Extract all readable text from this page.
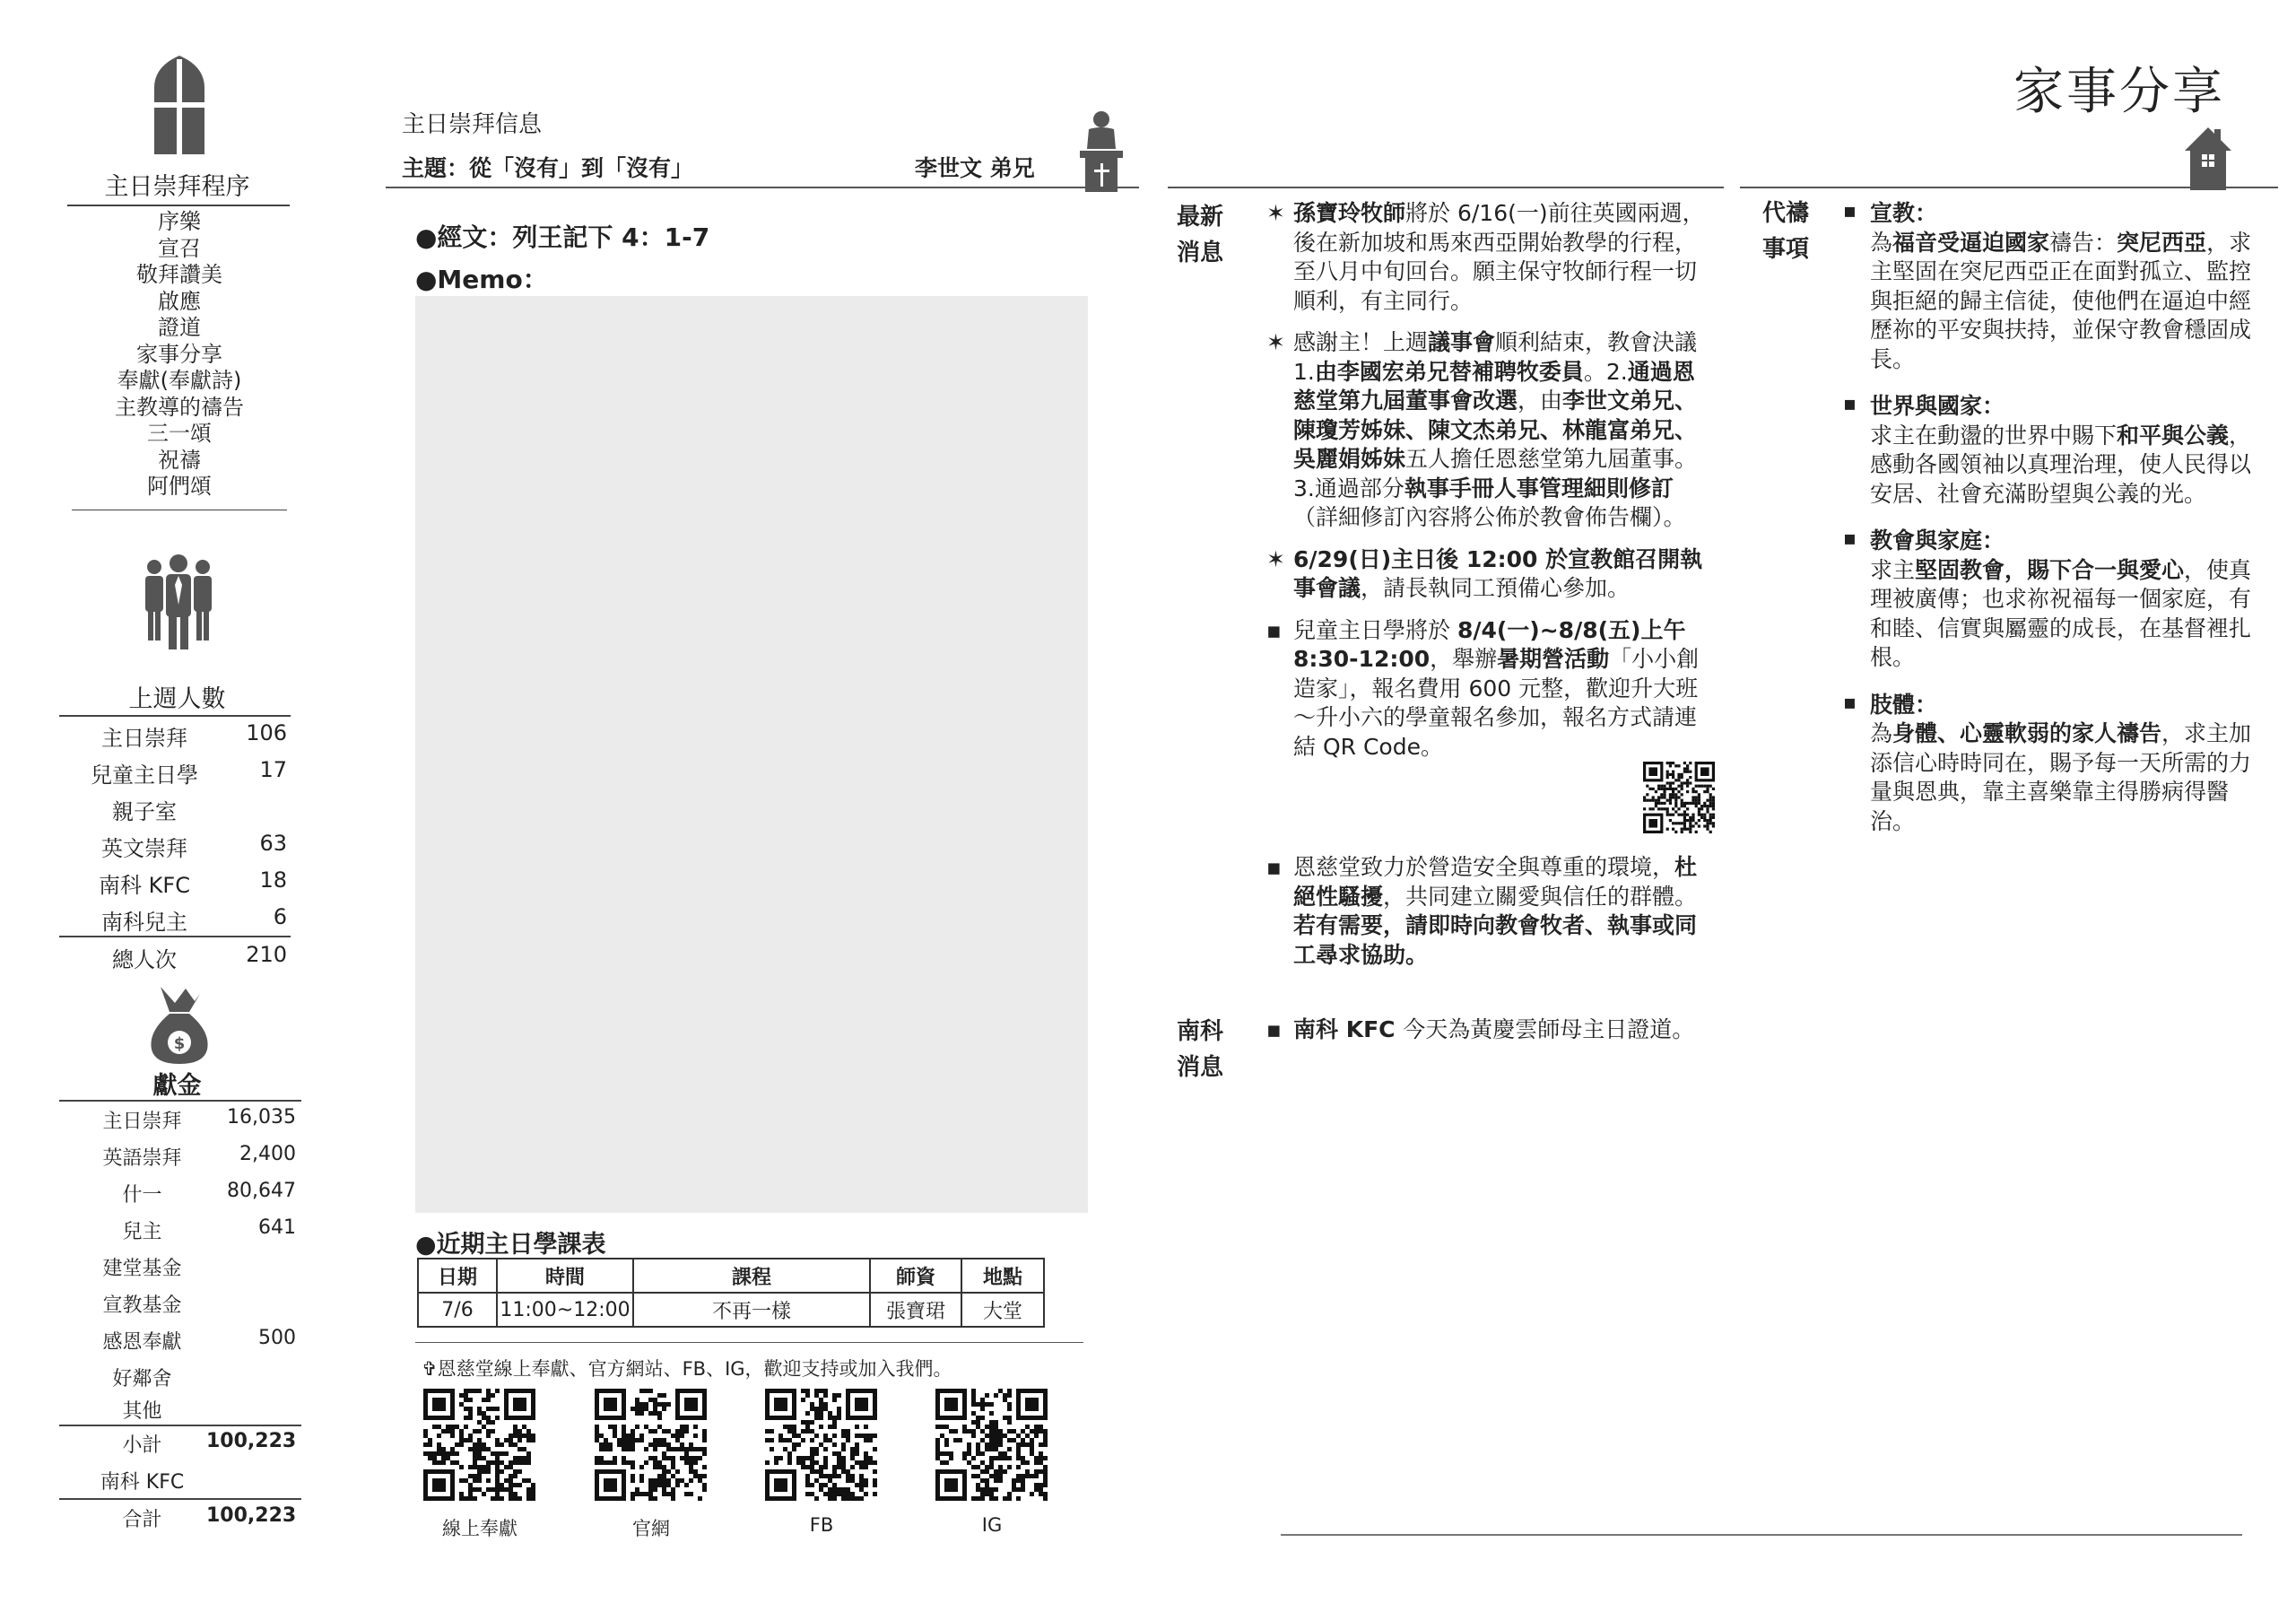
主日崇拜程序
序樂
宣召
敬拜讚美
啟應
證道
家事分享
奉獻(奉獻詩)
主教導的禱告
三一頌
祝禱
阿們頌
上週人數
主日崇拜	106
兒童主日學	17
親子室
英文崇拜	63
南科 KFC	18
南科兒主	6
總人次	210
$
獻金
主日崇拜	16,035
英語崇拜	2,400
什一	80,647
兒主	641
建堂基金
宣教基金
感恩奉獻	500
好鄰舍
其他
小計	100,223
南科 KFC
合計	100,223
主日崇拜信息
主題：從「沒有」到「沒有」	李世文 弟兄
●經文：列王記下 4：1-7
●Memo：
●近期主日學課表
日期	時間	課程	師資	地點
7/6	11:00~12:00	不再一樣	張寶珺	大堂
✞恩慈堂線上奉獻、官方網站、FB、IG，歡迎支持或加入我們。
線上奉獻	官網	FB	IG
家事分享
最新
消息
✶ 孫寶玲牧師將於 6/16(一)前往英國兩週，後在新加坡和馬來西亞開始教學的行程，至八月中旬回台。願主保守牧師行程一切順利，有主同行。
✶ 感謝主！上週議事會順利結束，教會決議 1.由李國宏弟兄替補聘牧委員。2.通過恩慈堂第九屆董事會改選，由李世文弟兄、陳瓊芳姊妹、陳文杰弟兄、林龍富弟兄、吳麗娟姊妹五人擔任恩慈堂第九屆董事。3.通過部分執事手冊人事管理細則修訂（詳細修訂內容將公佈於教會佈告欄）。
✶ 6/29(日)主日後 12:00 於宣教館召開執事會議，請長執同工預備心參加。
▪ 兒童主日學將於 8/4(一)~8/8(五)上午 8:30-12:00，舉辦暑期營活動「小小創造家」，報名費用 600 元整，歡迎升大班～升小六的學童報名參加，報名方式請連結 QR Code。
▪ 恩慈堂致力於營造安全與尊重的環境，杜絕性騷擾，共同建立關愛與信任的群體。若有需要，請即時向教會牧者、執事或同工尋求協助。
南科
消息
▪ 南科 KFC 今天為黃慶雲師母主日證道。
代禱
事項
▪ 宣教：
為福音受逼迫國家禱告：突尼西亞，求主堅固在突尼西亞正在面對孤立、監控與拒絕的歸主信徒，使他們在逼迫中經歷祢的平安與扶持，並保守教會穩固成長。
▪ 世界與國家：
求主在動盪的世界中賜下和平與公義，感動各國領袖以真理治理，使人民得以安居、社會充滿盼望與公義的光。
▪ 教會與家庭：
求主堅固教會，賜下合一與愛心，使真理被廣傳；也求祢祝福每一個家庭，有和睦、信實與屬靈的成長，在基督裡扎根。
▪ 肢體：
為身體、心靈軟弱的家人禱告，求主加添信心時時同在，賜予每一天所需的力量與恩典，靠主喜樂靠主得勝病得醫治。
